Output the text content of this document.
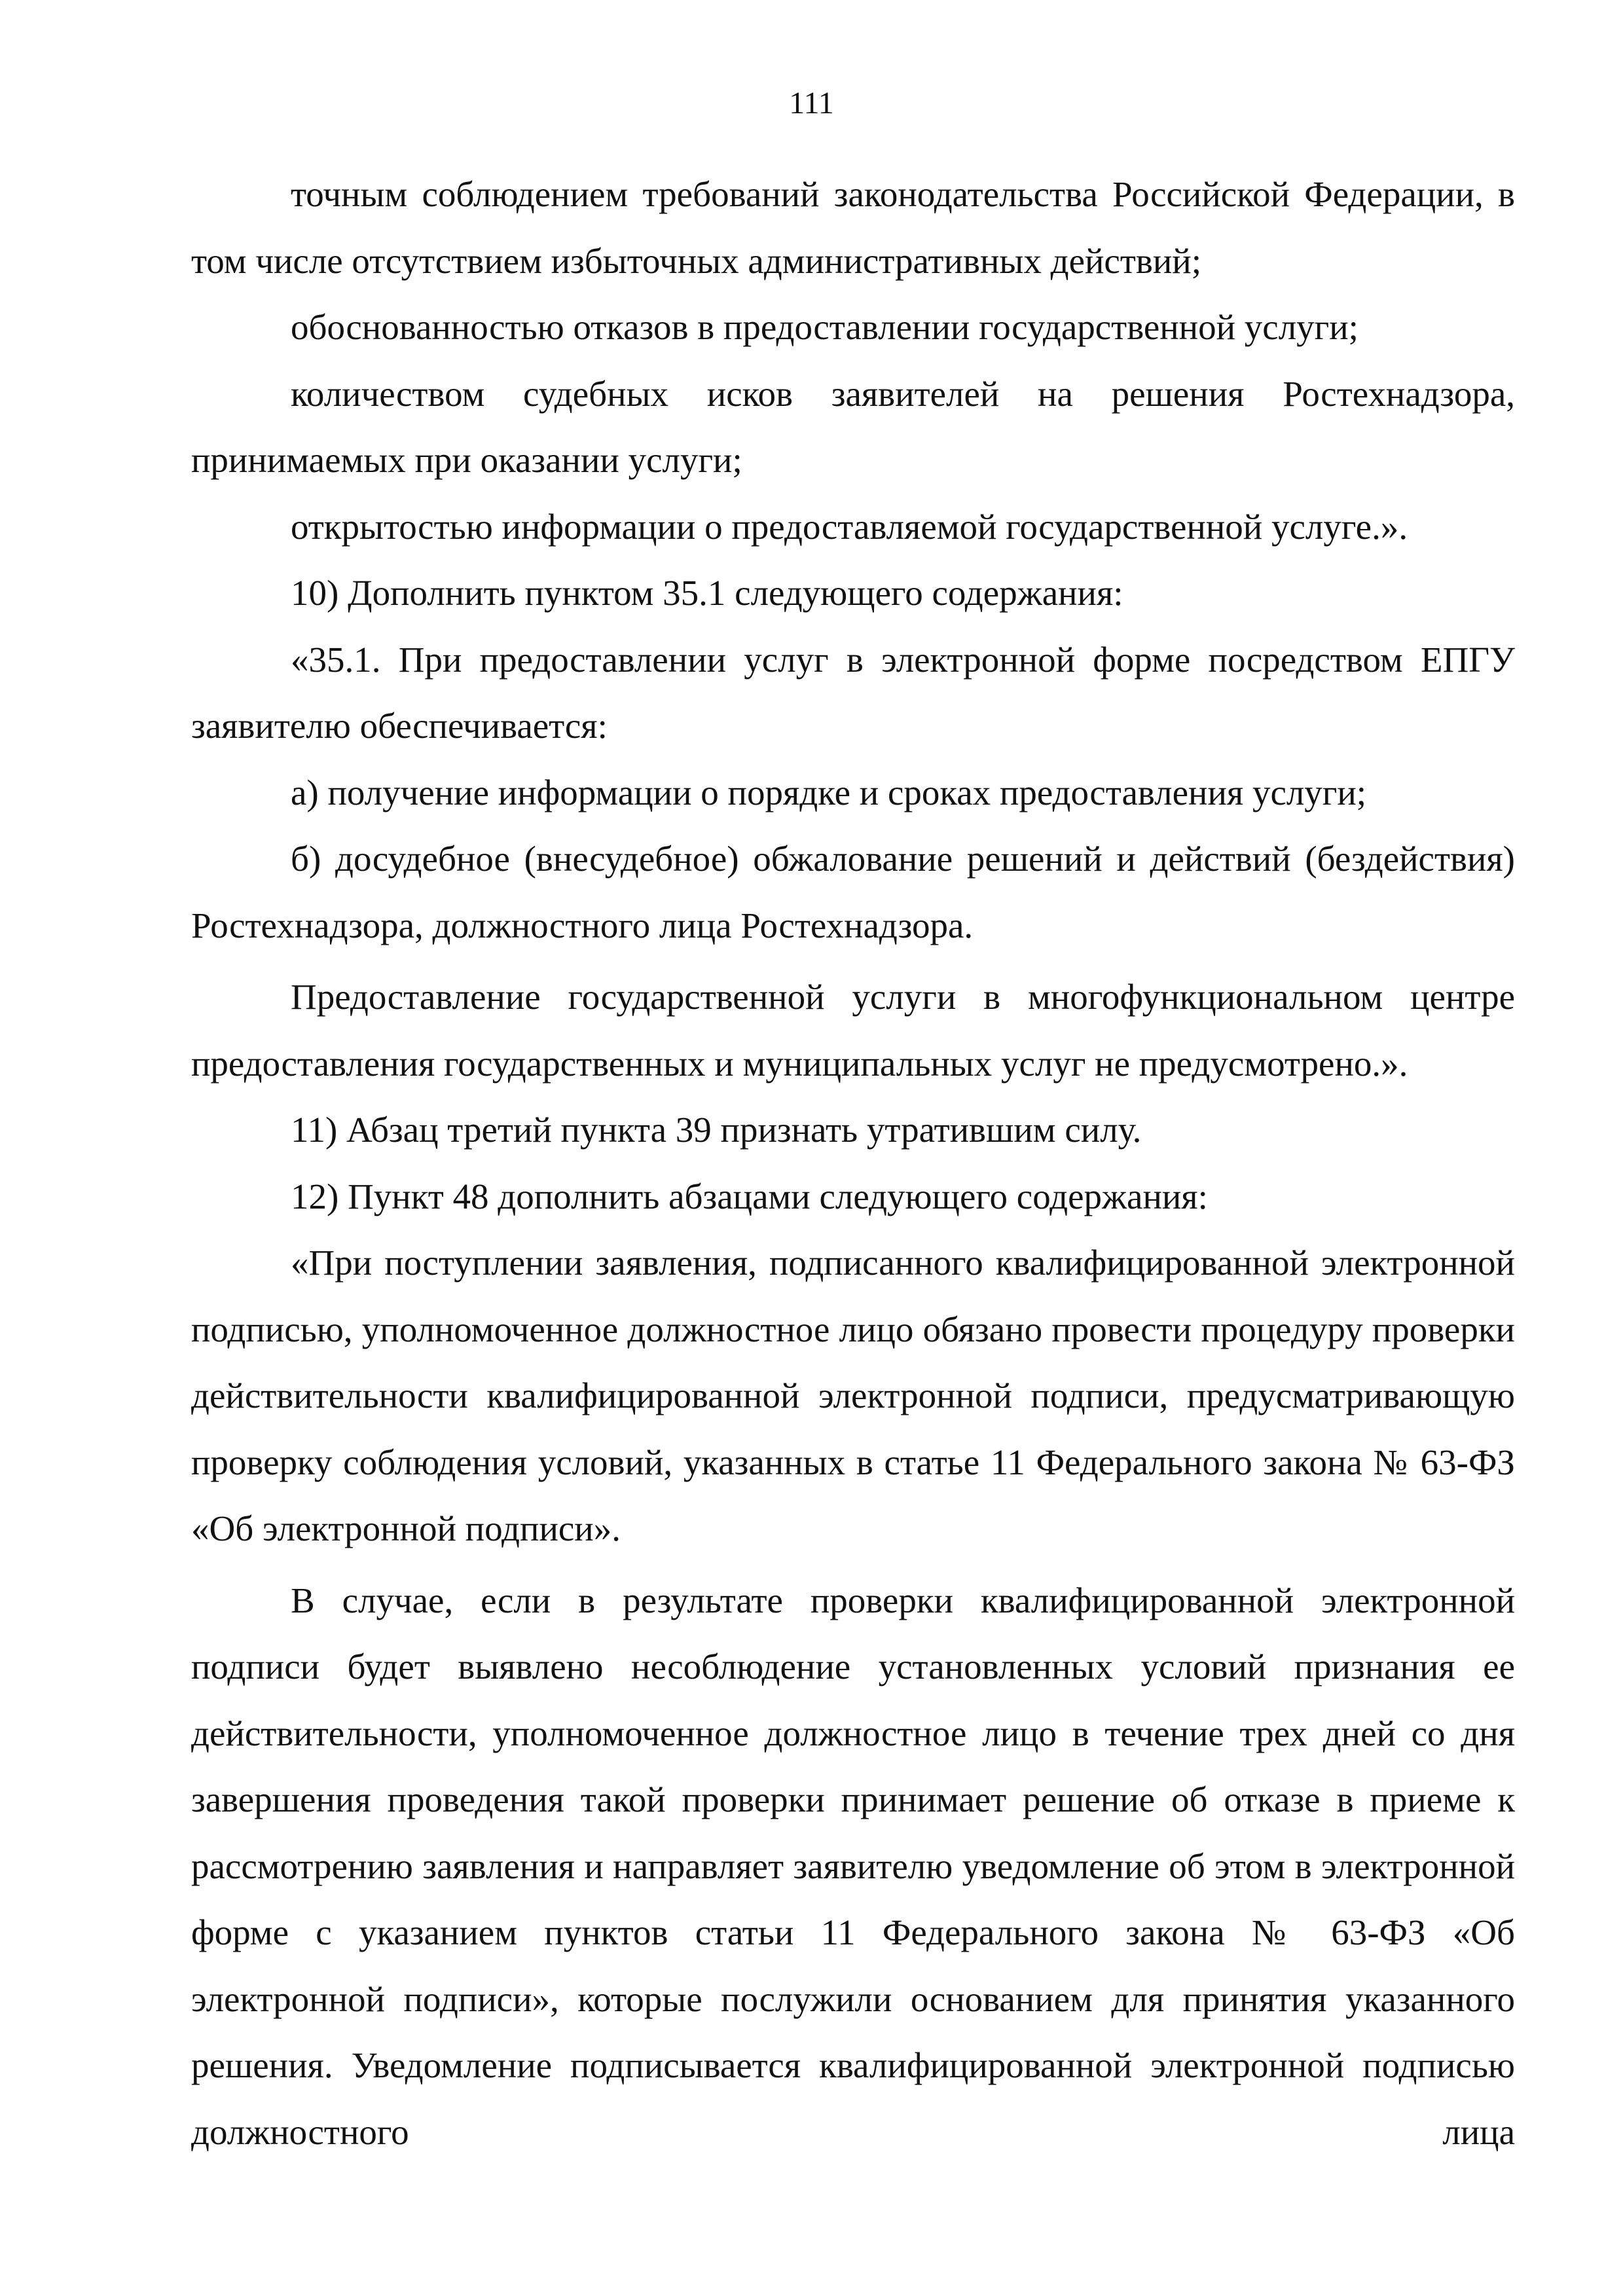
111

точным соблюдением требований законодательства Российской Федерации, в том числе отсутствием избыточных административных действий;

обоснованностью отказов в предоставлении государственной услуги;

количеством судебных исков заявителей на решения Ростехнадзора, принимаемых при оказании услуги;

открытостью информации о предоставляемой государственной услуге.».

10) Дополнить пунктом 35.1 следующего содержания:

«35.1. При предоставлении услуг в электронной форме посредством ЕПГУ заявителю обеспечивается:

а) получение информации о порядке и сроках предоставления услуги;

б) досудебное (внесудебное) обжалование решений и действий (бездействия) Ростехнадзора, должностного лица Ростехнадзора.

Предоставление государственной услуги в многофункциональном центре предоставления государственных и муниципальных услуг не предусмотрено.».

11) Абзац третий пункта 39 признать утратившим силу.

12) Пункт 48 дополнить абзацами следующего содержания:

«При поступлении заявления, подписанного квалифицированной электронной подписью, уполномоченное должностное лицо обязано провести процедуру проверки действительности квалифицированной электронной подписи, предусматривающую проверку соблюдения условий, указанных в статье 11 Федерального закона № 63-ФЗ «Об электронной подписи».

В случае, если в результате проверки квалифицированной электронной подписи будет выявлено несоблюдение установленных условий признания ее действительности, уполномоченное должностное лицо в течение трех дней со дня завершения проведения такой проверки принимает решение об отказе в приеме к рассмотрению заявления и направляет заявителю уведомление об этом в электронной форме с указанием пунктов статьи 11 Федерального закона № 63-ФЗ «Об электронной подписи», которые послужили основанием для принятия указанного решения. Уведомление подписывается квалифицированной электронной подписью должностного лица
